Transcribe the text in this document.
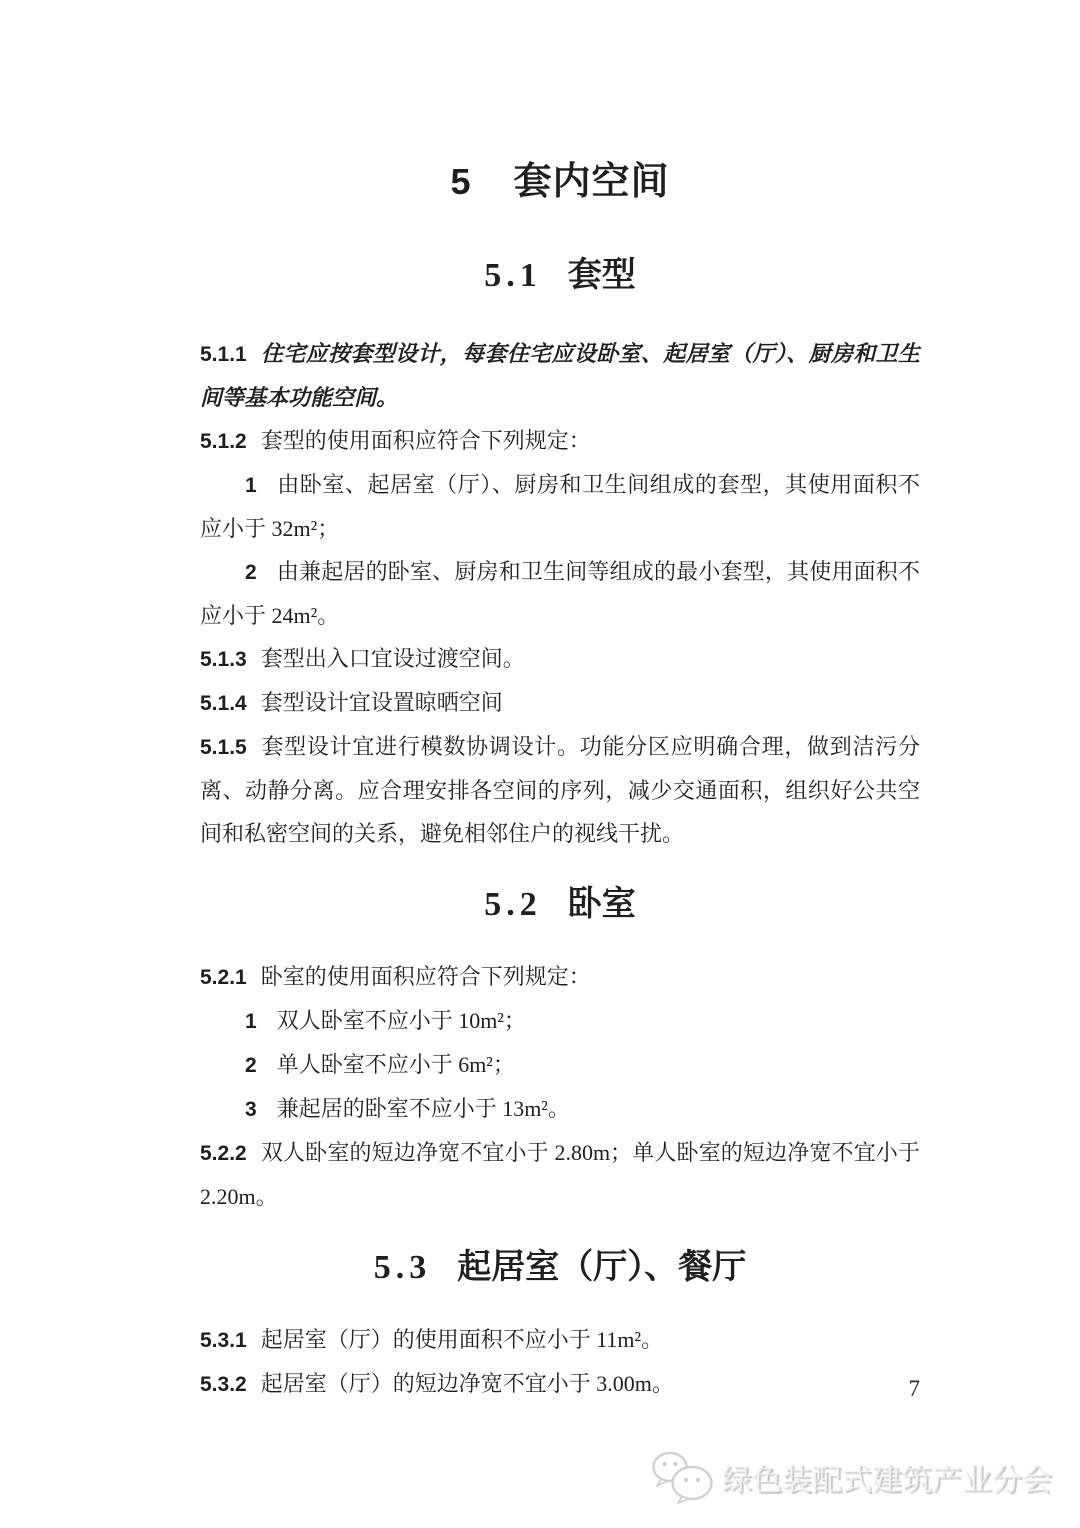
5 套内空间
5.1 套型

5.1.1 住宅应按套型设计，每套住宅应设卧室、起居室（厅）、厨房和卫生间等基本功能空间。

5.1.2 套型的使用面积应符合下列规定：

1 由卧室、起居室（厅）、厨房和卫生间组成的套型，其使用面积不应小于 32m²；

2 由兼起居的卧室、厨房和卫生间等组成的最小套型，其使用面积不应小于 24m²。

5.1.3 套型出入口宜设过渡空间。

5.1.4 套型设计宜设置晾晒空间

5.1.5 套型设计宜进行模数协调设计。功能分区应明确合理，做到洁污分离、动静分离。应合理安排各空间的序列，减少交通面积，组织好公共空间和私密空间的关系，避免相邻住户的视线干扰。

5.2 卧室

5.2.1 卧室的使用面积应符合下列规定：

1 双人卧室不应小于 10m²；

2 单人卧室不应小于 6m²；

3 兼起居的卧室不应小于 13m²。

5.2.2 双人卧室的短边净宽不宜小于 2.80m；单人卧室的短边净宽不宜小于 2.20m。

5.3 起居室（厅）、餐厅

5.3.1 起居室（厅）的使用面积不应小于 11m²。

5.3.2 起居室（厅）的短边净宽不宜小于 3.00m。	7
绿色装配式建筑产业分会
